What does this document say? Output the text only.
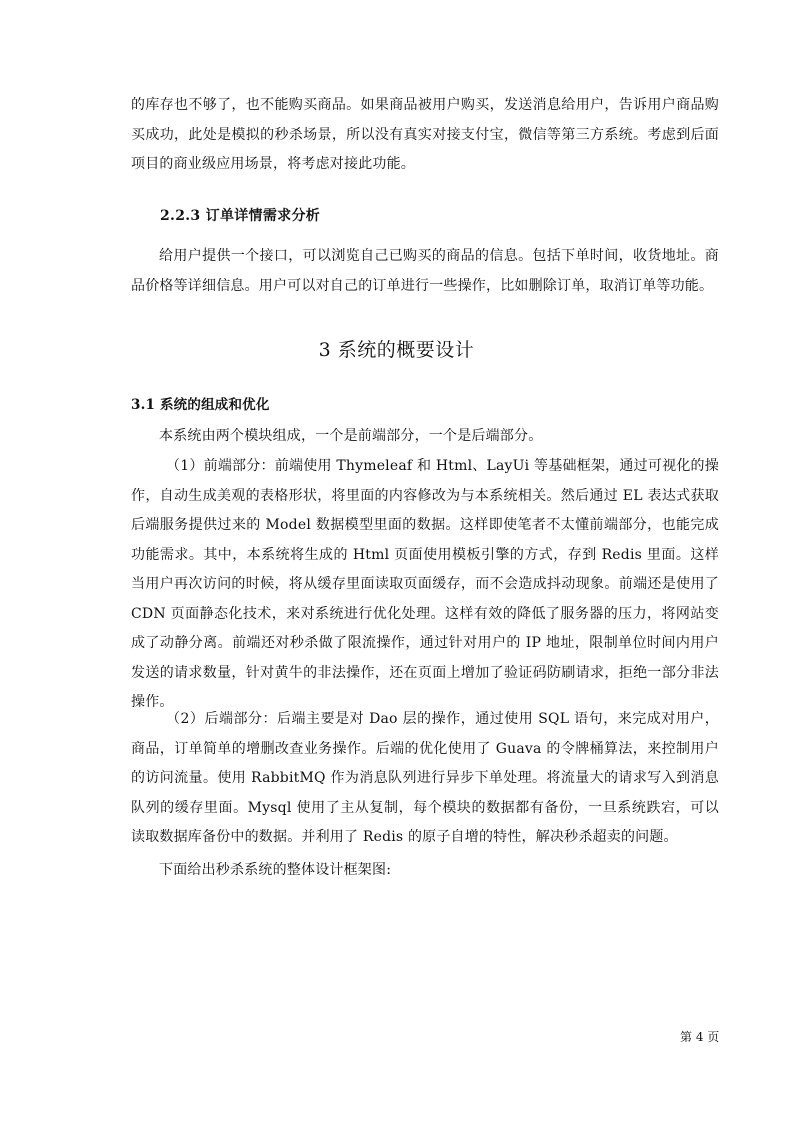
的库存也不够了，也不能购买商品。如果商品被用户购买，发送消息给用户，告诉用户商品购买成功，此处是模拟的秒杀场景，所以没有真实对接支付宝，微信等第三方系统。考虑到后面项目的商业级应用场景，将考虑对接此功能。

2.2.3 订单详情需求分析

给用户提供一个接口，可以浏览自己已购买的商品的信息。包括下单时间，收货地址。商品价格等详细信息。用户可以对自己的订单进行一些操作，比如删除订单，取消订单等功能。

3 系统的概要设计

3.1 系统的组成和优化

本系统由两个模块组成，一个是前端部分，一个是后端部分。

（1）前端部分：前端使用 Thymeleaf 和 Html、LayUi 等基础框架，通过可视化的操作，自动生成美观的表格形状，将里面的内容修改为与本系统相关。然后通过 EL 表达式获取后端服务提供过来的 Model 数据模型里面的数据。这样即使笔者不太懂前端部分，也能完成功能需求。其中，本系统将生成的 Html 页面使用模板引擎的方式，存到 Redis 里面。这样当用户再次访问的时候，将从缓存里面读取页面缓存，而不会造成抖动现象。前端还是使用了 CDN 页面静态化技术，来对系统进行优化处理。这样有效的降低了服务器的压力，将网站变成了动静分离。前端还对秒杀做了限流操作，通过针对用户的 IP 地址，限制单位时间内用户发送的请求数量，针对黄牛的非法操作，还在页面上增加了验证码防刷请求，拒绝一部分非法操作。

（2）后端部分：后端主要是对 Dao 层的操作，通过使用 SQL 语句，来完成对用户，商品，订单简单的增删改查业务操作。后端的优化使用了 Guava 的令牌桶算法，来控制用户的访问流量。使用 RabbitMQ 作为消息队列进行异步下单处理。将流量大的请求写入到消息队列的缓存里面。Mysql 使用了主从复制，每个模块的数据都有备份，一旦系统跌宕，可以读取数据库备份中的数据。并利用了 Redis 的原子自增的特性，解决秒杀超卖的问题。

下面给出秒杀系统的整体设计框架图:

第 4 页
